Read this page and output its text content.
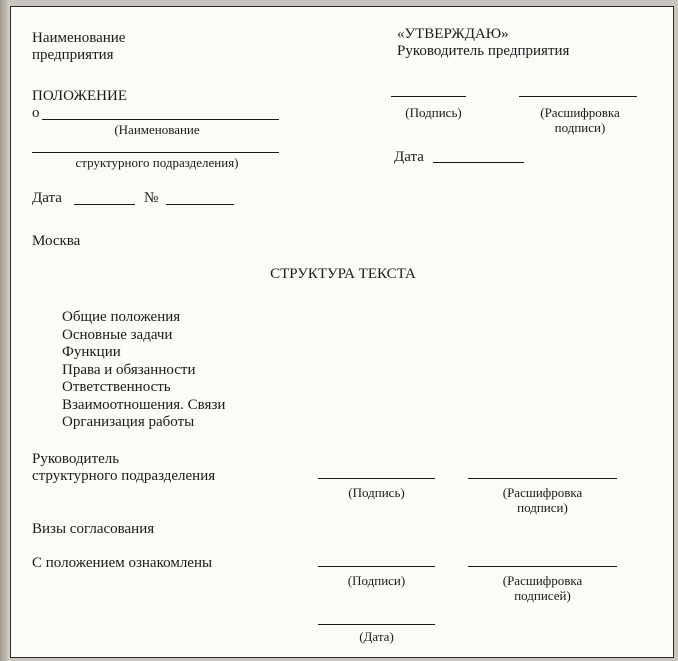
Наименование
предприятия
ПОЛОЖЕНИЕ
о
(Наименование
структурного подразделения)
Дата	№
Москва
«УТВЕРЖДАЮ»
Руководитель предприятия
(Подпись)	(Расшифровка
подписи)
Дата
СТРУКТУРА ТЕКСТА
Общие положения
Основные задачи
Функции
Права и обязанности
Ответственность
Взаимоотношения. Связи
Организация работы
Руководитель
структурного подразделения
(Подпись)	(Расшифровка
подписи)
Визы согласования
С положением ознакомлены
(Подписи)	(Расшифровка
подписей)
(Дата)
